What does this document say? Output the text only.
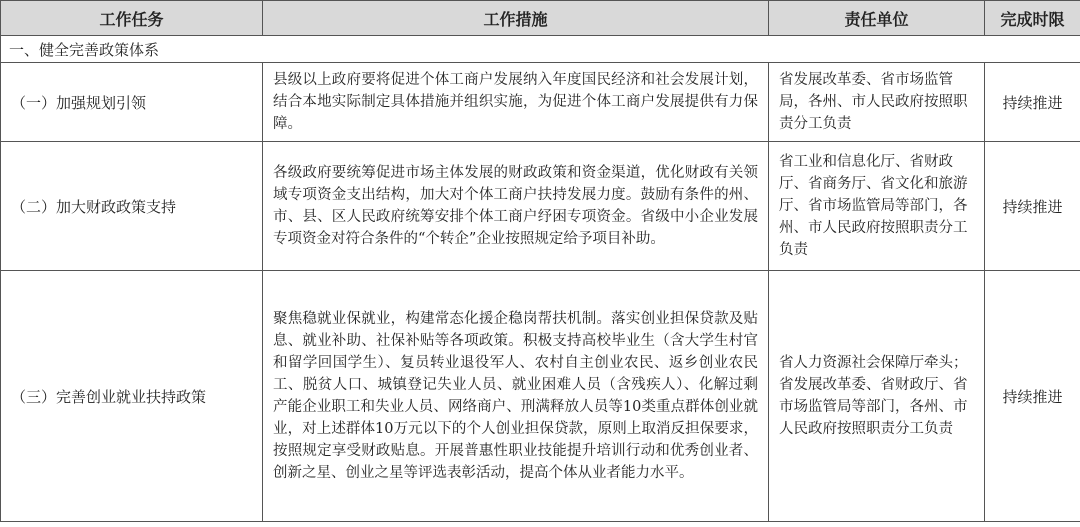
工作任务	工作措施	责任单位	完成时限
一、健全完善政策体系			
（一）加强规划引领	县级以上政府要将促进个体工商户发展纳入年度国民经济和社会发展计划，结合本地实际制定具体措施并组织实施，为促进个体工商户发展提供有力保障。	省发展改革委、省市场监管局，各州、市人民政府按照职责分工负责	持续推进
（二）加大财政政策支持	各级政府要统筹促进市场主体发展的财政政策和资金渠道，优化财政有关领域专项资金支出结构，加大对个体工商户扶持发展力度。鼓励有条件的州、市、县、区人民政府统筹安排个体工商户纾困专项资金。省级中小企业发展专项资金对符合条件的“个转企”企业按照规定给予项目补助。	省工业和信息化厅、省财政厅、省商务厅、省文化和旅游厅、省市场监管局等部门，各州、市人民政府按照职责分工负责	持续推进
（三）完善创业就业扶持政策	聚焦稳就业保就业，构建常态化援企稳岗帮扶机制。落实创业担保贷款及贴息、就业补助、社保补贴等各项政策。积极支持高校毕业生（含大学生村官和留学回国学生）、复员转业退役军人、农村自主创业农民、返乡创业农民工、脱贫人口、城镇登记失业人员、就业困难人员（含残疾人）、化解过剩产能企业职工和失业人员、网络商户、刑满释放人员等10类重点群体创业就业，对上述群体10万元以下的个人创业担保贷款，原则上取消反担保要求，按照规定享受财政贴息。开展普惠性职业技能提升培训行动和优秀创业者、创新之星、创业之星等评选表彰活动，提高个体从业者能力水平。	省人力资源社会保障厅牵头；省发展改革委、省财政厅、省市场监管局等部门，各州、市人民政府按照职责分工负责	持续推进
